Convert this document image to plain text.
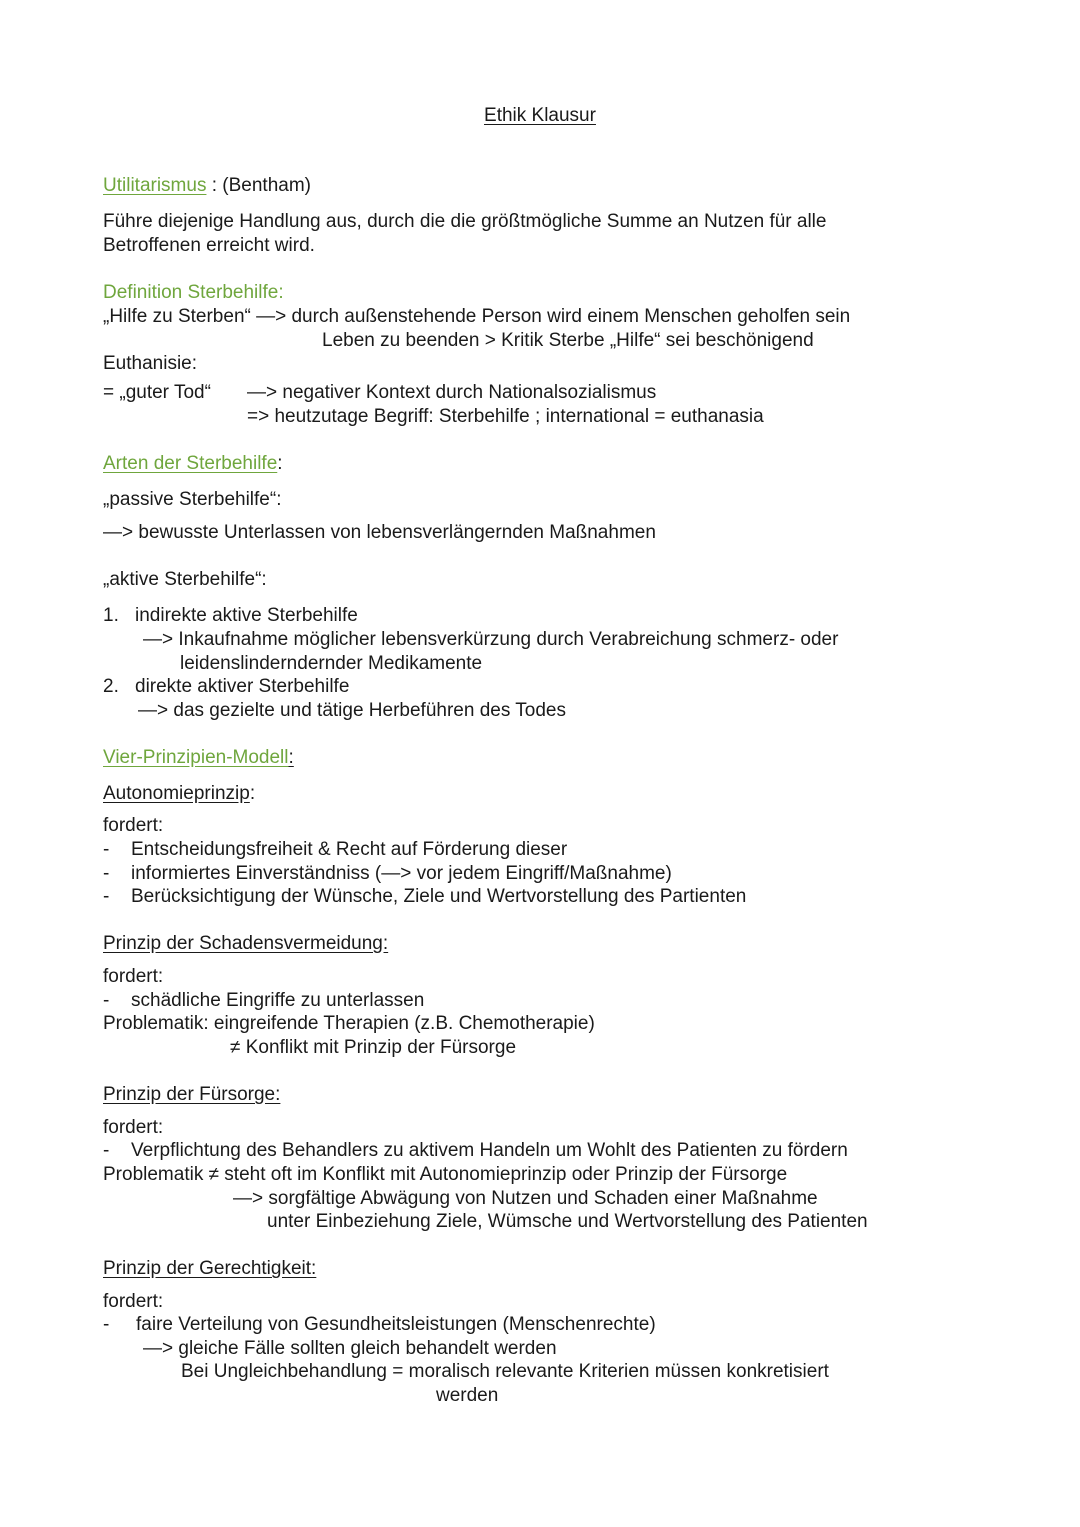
Ethik Klausur
Utilitarismus : (Bentham)
Führe diejenige Handlung aus, durch die die größtmögliche Summe an Nutzen für alle
Betroffenen erreicht wird.
Definition Sterbehilfe:
„Hilfe zu Sterben“ —> durch außenstehende Person wird einem Menschen geholfen sein
Leben zu beenden > Kritik Sterbe „Hilfe“ sei beschönigend
Euthanisie:
= „guter Tod“ —> negativer Kontext durch Nationalsozialismus
=> heutzutage Begriff: Sterbehilfe ; international = euthanasia
Arten der Sterbehilfe:
„passive Sterbehilfe“:
—> bewusste Unterlassen von lebensverlängernden Maßnahmen
„aktive Sterbehilfe“:
1. indirekte aktive Sterbehilfe
—> Inkaufnahme möglicher lebensverkürzung durch Verabreichung schmerz- oder
leidenslinderndernder Medikamente
2. direkte aktiver Sterbehilfe
—> das gezielte und tätige Herbeführen des Todes
Vier-Prinzipien-Modell:
Autonomieprinzip:
fordert:
- Entscheidungsfreiheit & Recht auf Förderung dieser
- informiertes Einverständniss (—> vor jedem Eingriff/Maßnahme)
- Berücksichtigung der Wünsche, Ziele und Wertvorstellung des Partienten
Prinzip der Schadensvermeidung:
fordert:
- schädliche Eingriffe zu unterlassen
Problematik: eingreifende Therapien (z.B. Chemotherapie)
≠ Konflikt mit Prinzip der Fürsorge
Prinzip der Fürsorge:
fordert:
- Verpflichtung des Behandlers zu aktivem Handeln um Wohlt des Patienten zu fördern
Problematik ≠ steht oft im Konflikt mit Autonomieprinzip oder Prinzip der Fürsorge
—> sorgfältige Abwägung von Nutzen und Schaden einer Maßnahme
unter Einbeziehung Ziele, Wümsche und Wertvorstellung des Patienten
Prinzip der Gerechtigkeit:
fordert:
- faire Verteilung von Gesundheitsleistungen (Menschenrechte)
—> gleiche Fälle sollten gleich behandelt werden
Bei Ungleichbehandlung = moralisch relevante Kriterien müssen konkretisiert
werden
